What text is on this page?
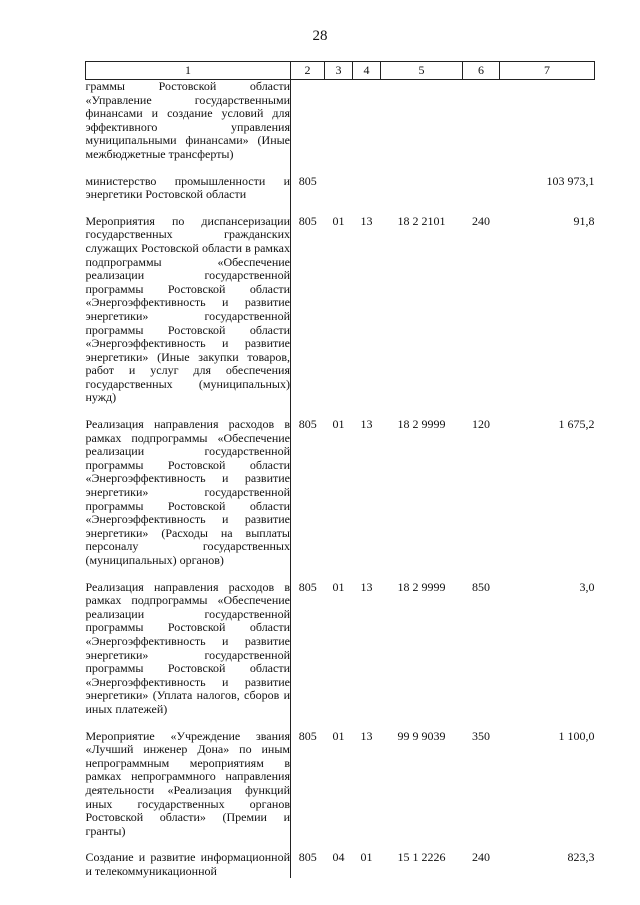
28
1	2	3	4	5	6	7
граммы Ростовской области «Управление государственными финансами и создание условий для эффективного управления муниципальными финансами» (Иные межбюджетные трансферты)						

министерство промышленности и энергетики Ростовской области	805					103 973,1

Мероприятия по диспансеризации государственных гражданских служащих Ростовской области в рамках подпрограммы «Обеспечение реализации государственной программы Ростовской области «Энергоэффективность и развитие энергетики» государственной программы Ростовской области «Энергоэффективность и развитие энергетики» (Иные закупки товаров, работ и услуг для обеспечения государственных (муниципальных) нужд)	805	01	13	18 2 2101	240	91,8

Реализация направления расходов в рамках подпрограммы «Обеспечение реализации государственной программы Ростовской области «Энергоэффективность и развитие энергетики» государственной программы Ростовской области «Энергоэффективность и развитие энергетики» (Расходы на выплаты персоналу государственных (муниципальных) органов)	805	01	13	18 2 9999	120	1 675,2

Реализация направления расходов в рамках подпрограммы «Обеспечение реализации государственной программы Ростовской области «Энергоэффективность и развитие энергетики» государственной программы Ростовской области «Энергоэффективность и развитие энергетики» (Уплата налогов, сборов и иных платежей)	805	01	13	18 2 9999	850	3,0

Мероприятие «Учреждение звания «Лучший инженер Дона» по иным непрограммным мероприятиям в рамках непрограммного направления деятельности «Реализация функций иных государственных органов Ростовской области» (Премии и гранты)	805	01	13	99 9 9039	350	1 100,0

Создание и развитие информационной и телекоммуникационной	805	04	01	15 1 2226	240	823,3
